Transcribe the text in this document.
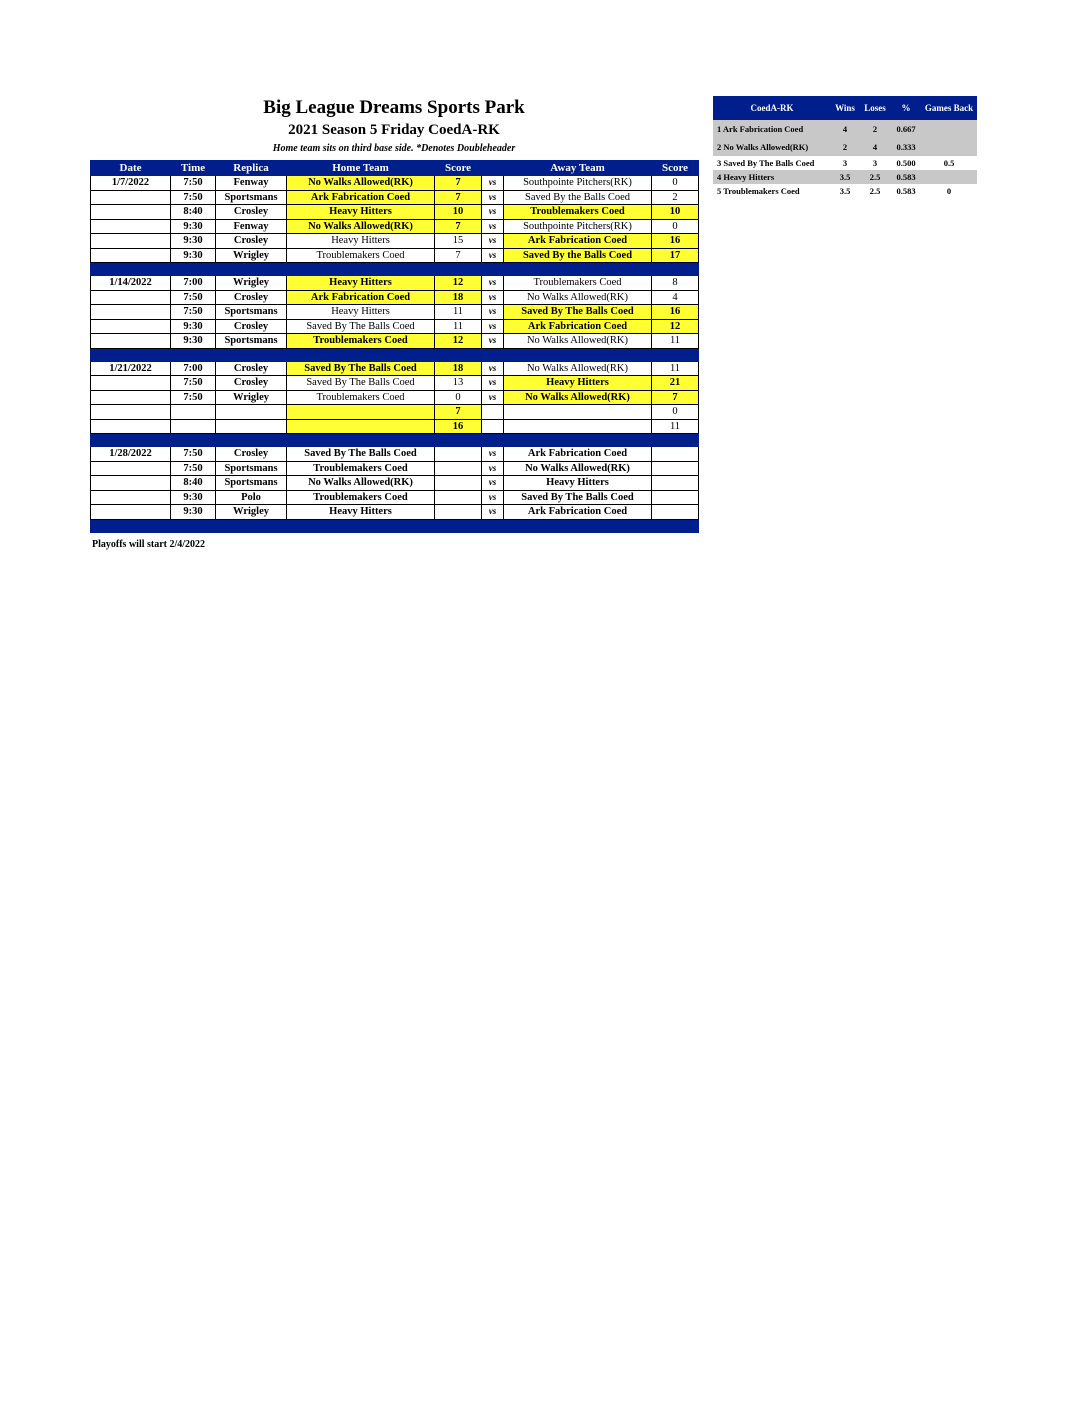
Big League Dreams Sports Park
2021 Season 5 Friday CoedA-RK
Home team sits on third base side. *Denotes Doubleheader
Date	Time	Replica	Home Team	Score		Away Team	Score
1/7/2022	7:50	Fenway	No Walks Allowed(RK)	7	vs	Southpointe Pitchers(RK)	0
	7:50	Sportsmans	Ark Fabrication Coed	7	vs	Saved By the Balls Coed	2
	8:40	Crosley	Heavy Hitters	10	vs	Troublemakers Coed	10
	9:30	Fenway	No Walks Allowed(RK)	7	vs	Southpointe Pitchers(RK)	0
	9:30	Crosley	Heavy Hitters	15	vs	Ark Fabrication Coed	16
	9:30	Wrigley	Troublemakers Coed	7	vs	Saved By the Balls Coed	17

1/14/2022	7:00	Wrigley	Heavy Hitters	12	vs	Troublemakers Coed	8
	7:50	Crosley	Ark Fabrication Coed	18	vs	No Walks Allowed(RK)	4
	7:50	Sportsmans	Heavy Hitters	11	vs	Saved By The Balls Coed	16
	9:30	Crosley	Saved By The Balls Coed	11	vs	Ark Fabrication Coed	12
	9:30	Sportsmans	Troublemakers Coed	12	vs	No Walks Allowed(RK)	11

1/21/2022	7:00	Crosley	Saved By The Balls Coed	18	vs	No Walks Allowed(RK)	11
	7:50	Crosley	Saved By The Balls Coed	13	vs	Heavy Hitters	21
	7:50	Wrigley	Troublemakers Coed	0	vs	No Walks Allowed(RK)	7
				7			0
				16			11

1/28/2022	7:50	Crosley	Saved By The Balls Coed		vs	Ark Fabrication Coed	
	7:50	Sportsmans	Troublemakers Coed		vs	No Walks Allowed(RK)	
	8:40	Sportsmans	No Walks Allowed(RK)		vs	Heavy Hitters	
	9:30	Polo	Troublemakers Coed		vs	Saved By The Balls Coed	
	9:30	Wrigley	Heavy Hitters		vs	Ark Fabrication Coed	

Playoffs will start 2/4/2022
CoedA-RK	Wins	Loses	%	Games Back
1 Ark Fabrication Coed	4	2	0.667	
2 No Walks Allowed(RK)	2	4	0.333	
3 Saved By The Balls Coed	3	3	0.500	0.5
4 Heavy Hitters	3.5	2.5	0.583	
5 Troublemakers Coed	3.5	2.5	0.583	0
